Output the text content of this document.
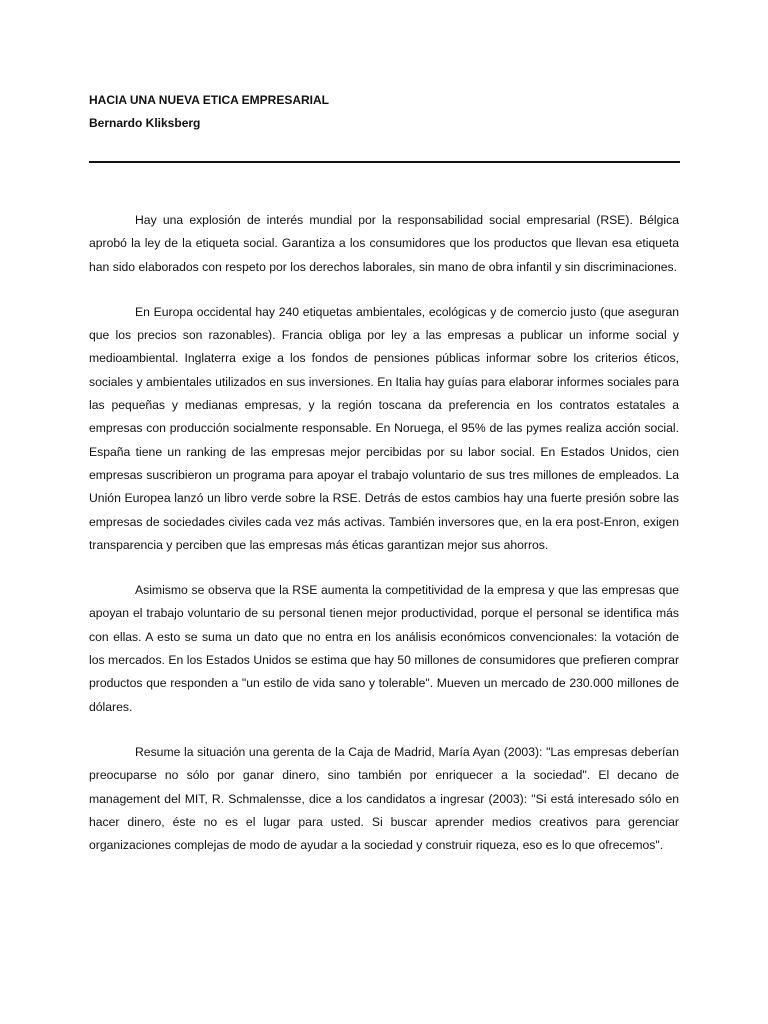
HACIA UNA NUEVA ETICA EMPRESARIAL
Bernardo Kliksberg

Hay una explosión de interés mundial por la responsabilidad social empresarial (RSE). Bélgica aprobó la ley de la etiqueta social. Garantiza a los consumidores que los productos que llevan esa etiqueta han sido elaborados con respeto por los derechos laborales, sin mano de obra infantil y sin discriminaciones.

En Europa occidental hay 240 etiquetas ambientales, ecológicas y de comercio justo (que aseguran que los precios son razonables). Francia obliga por ley a las empresas a publicar un informe social y medioambiental. Inglaterra exige a los fondos de pensiones públicas informar sobre los criterios éticos, sociales y ambientales utilizados en sus inversiones. En Italia hay guías para elaborar informes sociales para las pequeñas y medianas empresas, y la región toscana da preferencia en los contratos estatales a empresas con producción socialmente responsable. En Noruega, el 95% de las pymes realiza acción social. España tiene un ranking de las empresas mejor percibidas por su labor social. En Estados Unidos, cien empresas suscribieron un programa para apoyar el trabajo voluntario de sus tres millones de empleados. La Unión Europea lanzó un libro verde sobre la RSE. Detrás de estos cambios hay una fuerte presión sobre las empresas de sociedades civiles cada vez más activas. También inversores que, en la era post-Enron, exigen transparencia y perciben que las empresas más éticas garantizan mejor sus ahorros.

Asimismo se observa que la RSE aumenta la competitividad de la empresa y que las empresas que apoyan el trabajo voluntario de su personal tienen mejor productividad, porque el personal se identifica más con ellas. A esto se suma un dato que no entra en los análisis económicos convencionales: la votación de los mercados. En los Estados Unidos se estima que hay 50 millones de consumidores que prefieren comprar productos que responden a "un estilo de vida sano y tolerable". Mueven un mercado de 230.000 millones de dólares.

Resume la situación una gerenta de la Caja de Madrid, María Ayan (2003): "Las empresas deberían preocuparse no sólo por ganar dinero, sino también por enriquecer a la sociedad". El decano de management del MIT, R. Schmalensse, dice a los candidatos a ingresar (2003): "Si está interesado sólo en hacer dinero, éste no es el lugar para usted. Si buscar aprender medios creativos para gerenciar organizaciones complejas de modo de ayudar a la sociedad y construir riqueza, eso es lo que ofrecemos".
